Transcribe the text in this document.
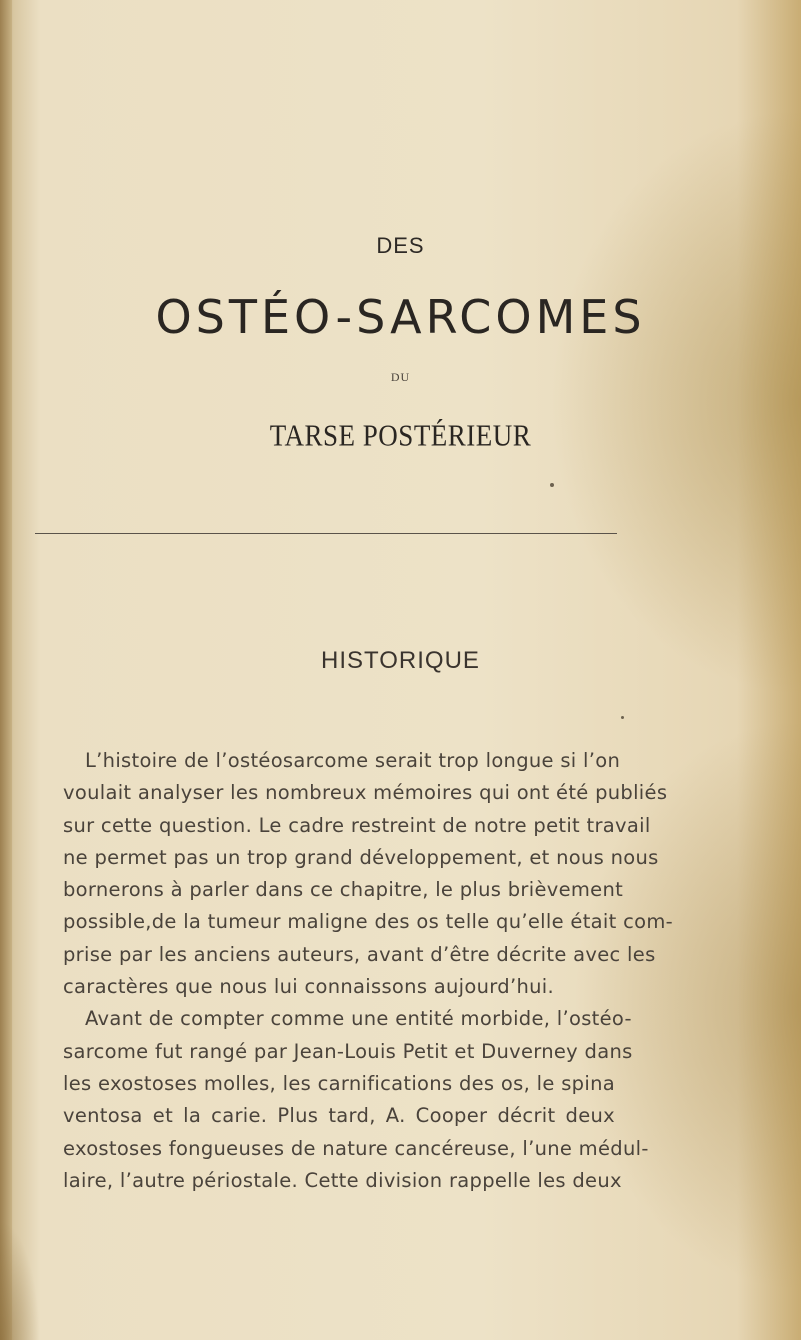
DES
OSTÉO-SARCOMES
DU
TARSE POSTÉRIEUR
HISTORIQUE
L’histoire de l’ostéosarcome serait trop longue si l’on
voulait analyser les nombreux mémoires qui ont été publiés
sur cette question. Le cadre restreint de notre petit travail
ne permet pas un trop grand développement, et nous nous
bornerons à parler dans ce chapitre, le plus brièvement
possible,de la tumeur maligne des os telle qu’elle était com-
prise par les anciens auteurs, avant d’être décrite avec les
caractères que nous lui connaissons aujourd’hui.
Avant de compter comme une entité morbide, l’ostéo-
sarcome fut rangé par Jean-Louis Petit et Duverney dans
les exostoses molles, les carnifications des os, le spina
ventosa et la carie. Plus tard, A. Cooper décrit deux
exostoses fongueuses de nature cancéreuse, l’une médul-
laire, l’autre périostale. Cette division rappelle les deux
